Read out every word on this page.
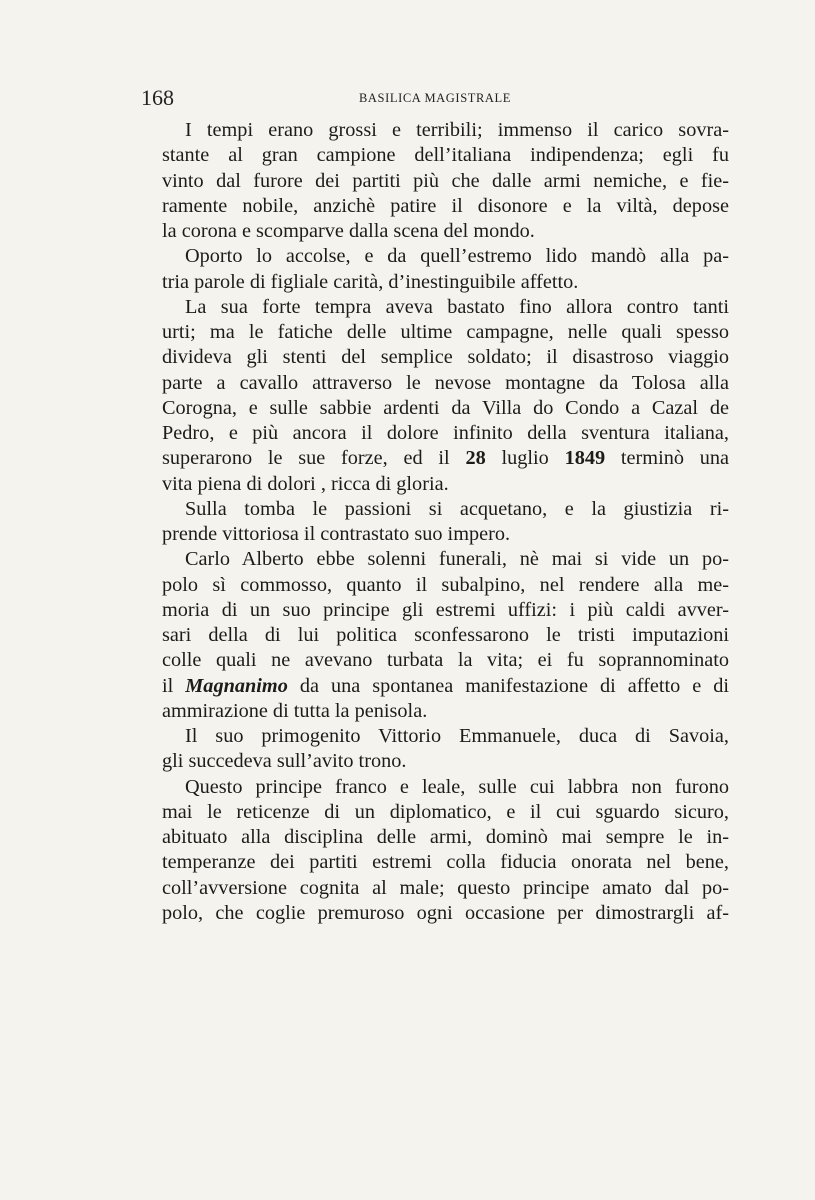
168	BASILICA MAGISTRALE

I tempi erano grossi e terribili; immenso il carico sovra-
stante al gran campione dell’italiana indipendenza; egli fu
vinto dal furore dei partiti più che dalle armi nemiche, e fie-
ramente nobile, anzichè patire il disonore e la viltà, depose
la corona e scomparve dalla scena del mondo.

Oporto lo accolse, e da quell’estremo lido mandò alla pa-
tria parole di figliale carità, d’inestinguibile affetto.

La sua forte tempra aveva bastato fino allora contro tanti
urti; ma le fatiche delle ultime campagne, nelle quali spesso
divideva gli stenti del semplice soldato; il disastroso viaggio
parte a cavallo attraverso le nevose montagne da Tolosa alla
Corogna, e sulle sabbie ardenti da Villa do Condo a Cazal de
Pedro, e più ancora il dolore infinito della sventura italiana,
superarono le sue forze, ed il 28 luglio 1849 terminò una
vita piena di dolori , ricca di gloria.

Sulla tomba le passioni si acquetano, e la giustizia ri-
prende vittoriosa il contrastato suo impero.

Carlo Alberto ebbe solenni funerali, nè mai si vide un po-
polo sì commosso, quanto il subalpino, nel rendere alla me-
moria di un suo principe gli estremi uffizi: i più caldi avver-
sari della di lui politica sconfessarono le tristi imputazioni
colle quali ne avevano turbata la vita; ei fu soprannominato
il Magnanimo da una spontanea manifestazione di affetto e di
ammirazione di tutta la penisola.

Il suo primogenito Vittorio Emmanuele, duca di Savoia,
gli succedeva sull’avito trono.

Questo principe franco e leale, sulle cui labbra non furono
mai le reticenze di un diplomatico, e il cui sguardo sicuro,
abituato alla disciplina delle armi, dominò mai sempre le in-
temperanze dei partiti estremi colla fiducia onorata nel bene,
coll’avversione cognita al male; questo principe amato dal po-
polo, che coglie premuroso ogni occasione per dimostrargli af-
